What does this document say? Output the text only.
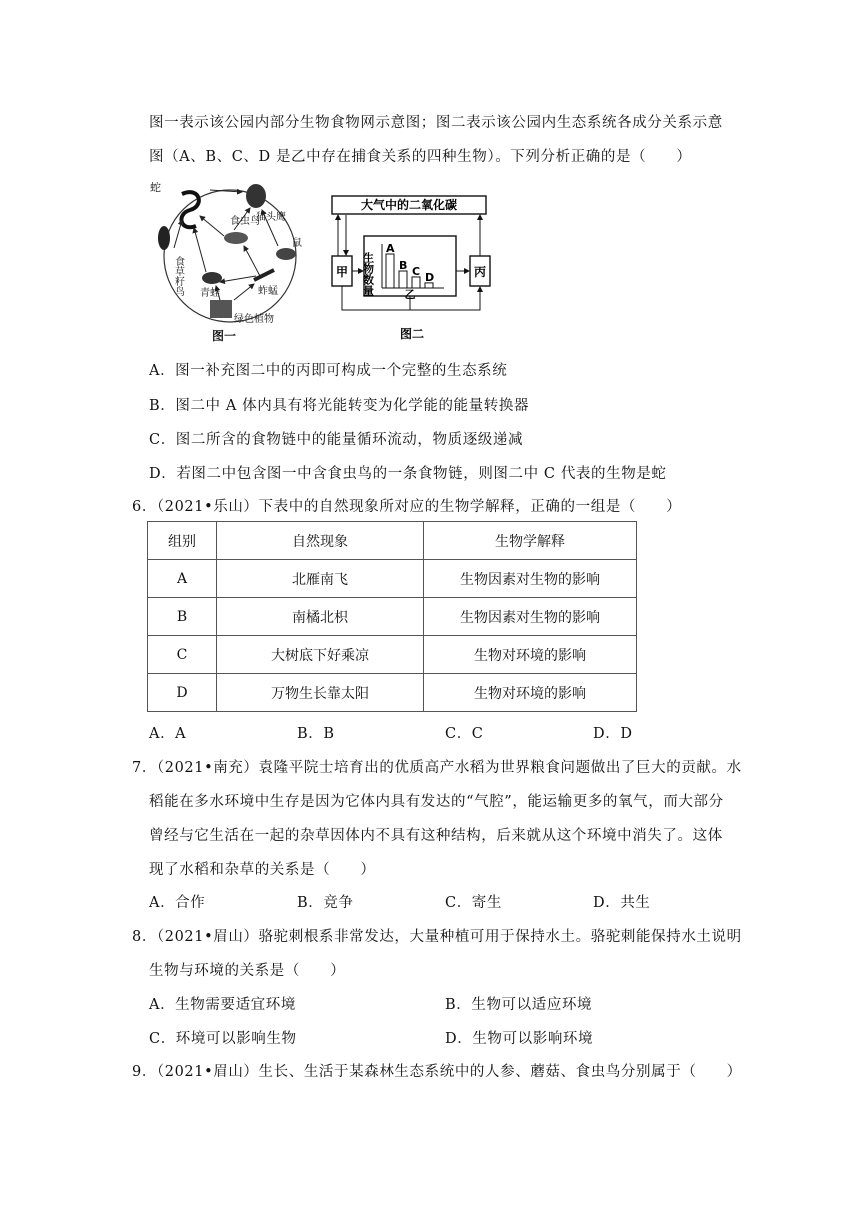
图一表示该公园内部分生物食物网示意图；图二表示该公园内生态系统各成分关系示意
图（A、B、C、D 是乙中存在捕食关系的四种生物）。下列分析正确的是（　　）
蛇
猫头鹰
食虫鸟
鼠
食草籽鸟 青蛙	蚱蜢
绿色植物
图一
大气中的二氧化碳
甲	丙
生物数量
A
B C D
乙
图二
A．图一补充图二中的丙即可构成一个完整的生态系统
B．图二中 A 体内具有将光能转变为化学能的能量转换器
C．图二所含的食物链中的能量循环流动，物质逐级递减
D．若图二中包含图一中含食虫鸟的一条食物链，则图二中 C 代表的生物是蛇
6．（2021•乐山）下表中的自然现象所对应的生物学解释，正确的一组是（　　）
组别	自然现象	生物学解释
A	北雁南飞	生物因素对生物的影响
B	南橘北枳	生物因素对生物的影响
C	大树底下好乘凉	生物对环境的影响
D	万物生长靠太阳	生物对环境的影响
A．A	B．B	C．C	D．D
7．（2021•南充）袁隆平院士培育出的优质高产水稻为世界粮食问题做出了巨大的贡献。水
稻能在多水环境中生存是因为它体内具有发达的“气腔”，能运输更多的氧气，而大部分
曾经与它生活在一起的杂草因体内不具有这种结构，后来就从这个环境中消失了。这体
现了水稻和杂草的关系是（　　）
A．合作	B．竞争	C．寄生	D．共生
8．（2021•眉山）骆驼刺根系非常发达，大量种植可用于保持水土。骆驼刺能保持水土说明
生物与环境的关系是（　　）
A．生物需要适宜环境	B．生物可以适应环境
C．环境可以影响生物	D．生物可以影响环境
9．（2021•眉山）生长、生活于某森林生态系统中的人参、蘑菇、食虫鸟分别属于（　　）
